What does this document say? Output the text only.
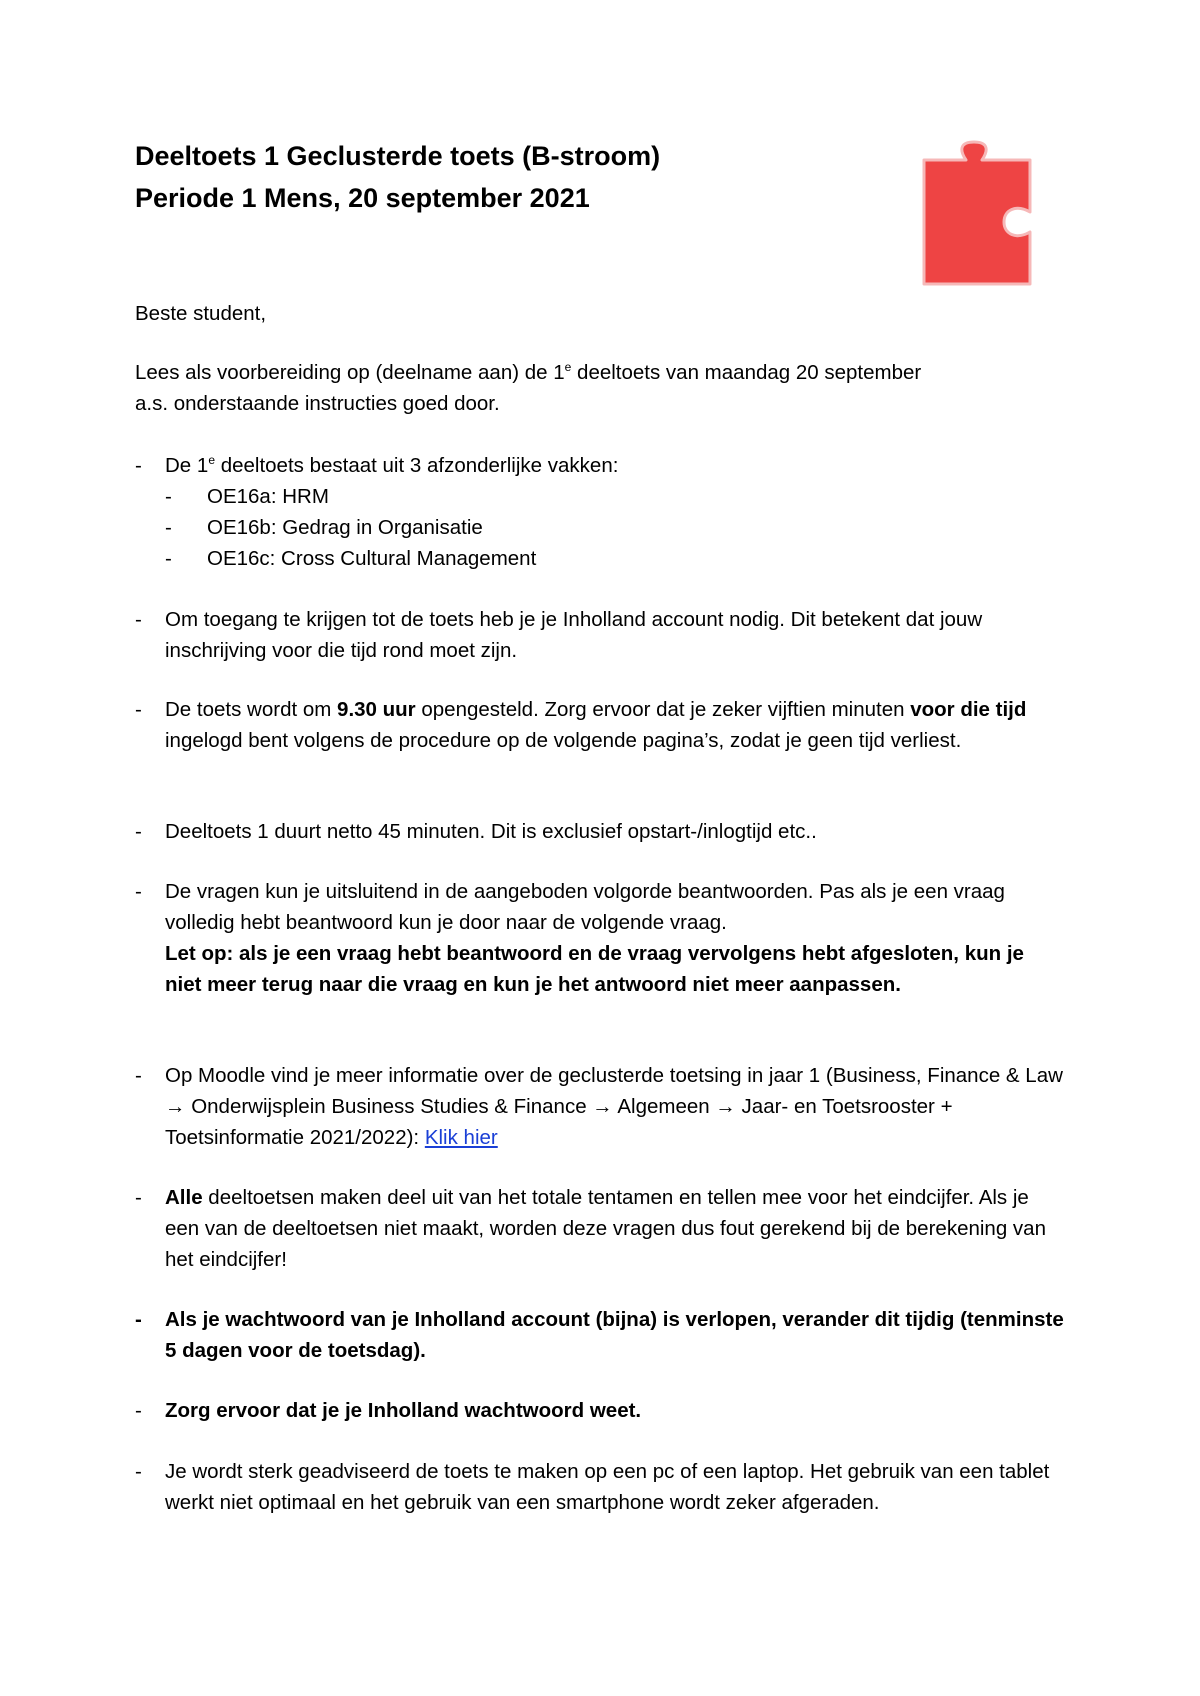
Deeltoets 1 Geclusterde toets (B-stroom)
Periode 1 Mens, 20 september 2021
Beste student,
Lees als voorbereiding op (deelname aan) de 1e deeltoets van maandag 20 september
a.s. onderstaande instructies goed door.
- De 1e deeltoets bestaat uit 3 afzonderlijke vakken:
- OE16a: HRM
- OE16b: Gedrag in Organisatie
- OE16c: Cross Cultural Management
- Om toegang te krijgen tot de toets heb je je Inholland account nodig. Dit betekent dat jouw inschrijving voor die tijd rond moet zijn.
- De toets wordt om 9.30 uur opengesteld. Zorg ervoor dat je zeker vijftien minuten voor die tijd ingelogd bent volgens de procedure op de volgende pagina’s, zodat je geen tijd verliest.
- Deeltoets 1 duurt netto 45 minuten. Dit is exclusief opstart-/inlogtijd etc..
- De vragen kun je uitsluitend in de aangeboden volgorde beantwoorden. Pas als je een vraag volledig hebt beantwoord kun je door naar de volgende vraag.
Let op: als je een vraag hebt beantwoord en de vraag vervolgens hebt afgesloten, kun je niet meer terug naar die vraag en kun je het antwoord niet meer aanpassen.
- Op Moodle vind je meer informatie over de geclusterde toetsing in jaar 1 (Business, Finance & Law → Onderwijsplein Business Studies & Finance → Algemeen → Jaar- en Toetsrooster + Toetsinformatie 2021/2022): Klik hier
- Alle deeltoetsen maken deel uit van het totale tentamen en tellen mee voor het eindcijfer. Als je een van de deeltoetsen niet maakt, worden deze vragen dus fout gerekend bij de berekening van het eindcijfer!
- Als je wachtwoord van je Inholland account (bijna) is verlopen, verander dit tijdig (tenminste 5 dagen voor de toetsdag).
- Zorg ervoor dat je je Inholland wachtwoord weet.
- Je wordt sterk geadviseerd de toets te maken op een pc of een laptop. Het gebruik van een tablet werkt niet optimaal en het gebruik van een smartphone wordt zeker afgeraden.
